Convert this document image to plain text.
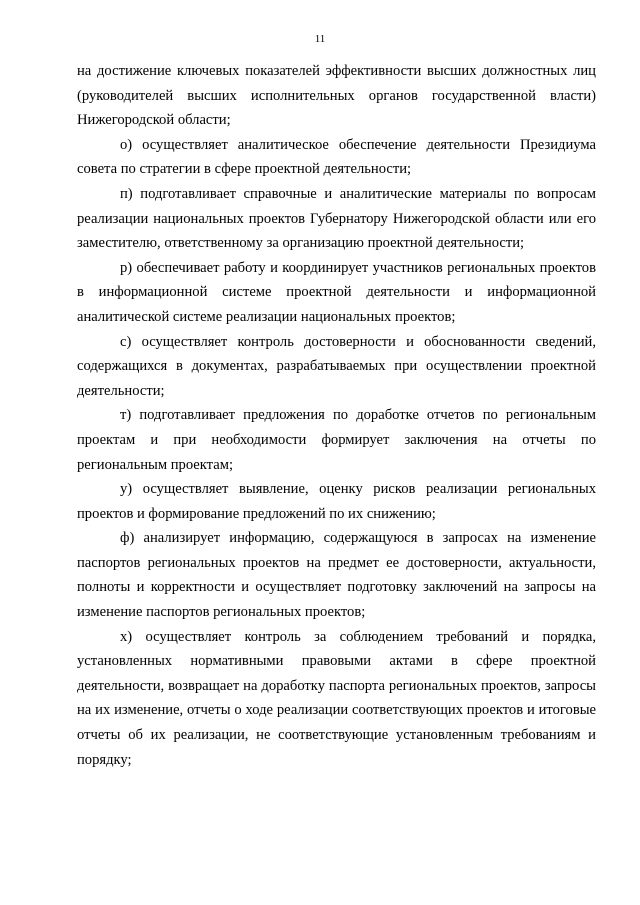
11

на достижение ключевых показателей эффективности высших должностных лиц (руководителей высших исполнительных органов государственной власти) Нижегородской области;

о) осуществляет аналитическое обеспечение деятельности Президиума совета по стратегии в сфере проектной деятельности;

п) подготавливает справочные и аналитические материалы по вопросам реализации национальных проектов Губернатору Нижегородской области или его заместителю, ответственному за организацию проектной деятельности;

р) обеспечивает работу и координирует участников региональных проектов в информационной системе проектной деятельности и информационной аналитической системе реализации национальных проектов;

с) осуществляет контроль достоверности и обоснованности сведений, содержащихся в документах, разрабатываемых при осуществлении проектной деятельности;

т) подготавливает предложения по доработке отчетов по региональным проектам и при необходимости формирует заключения на отчеты по региональным проектам;

у) осуществляет выявление, оценку рисков реализации региональных проектов и формирование предложений по их снижению;

ф) анализирует информацию, содержащуюся в запросах на изменение паспортов региональных проектов на предмет ее достоверности, актуальности, полноты и корректности и осуществляет подготовку заключений на запросы на изменение паспортов региональных проектов;

х) осуществляет контроль за соблюдением требований и порядка, установленных нормативными правовыми актами в сфере проектной деятельности, возвращает на доработку паспорта региональных проектов, запросы на их изменение, отчеты о ходе реализации соответствующих проектов и итоговые отчеты об их реализации, не соответствующие установленным требованиям и порядку;
